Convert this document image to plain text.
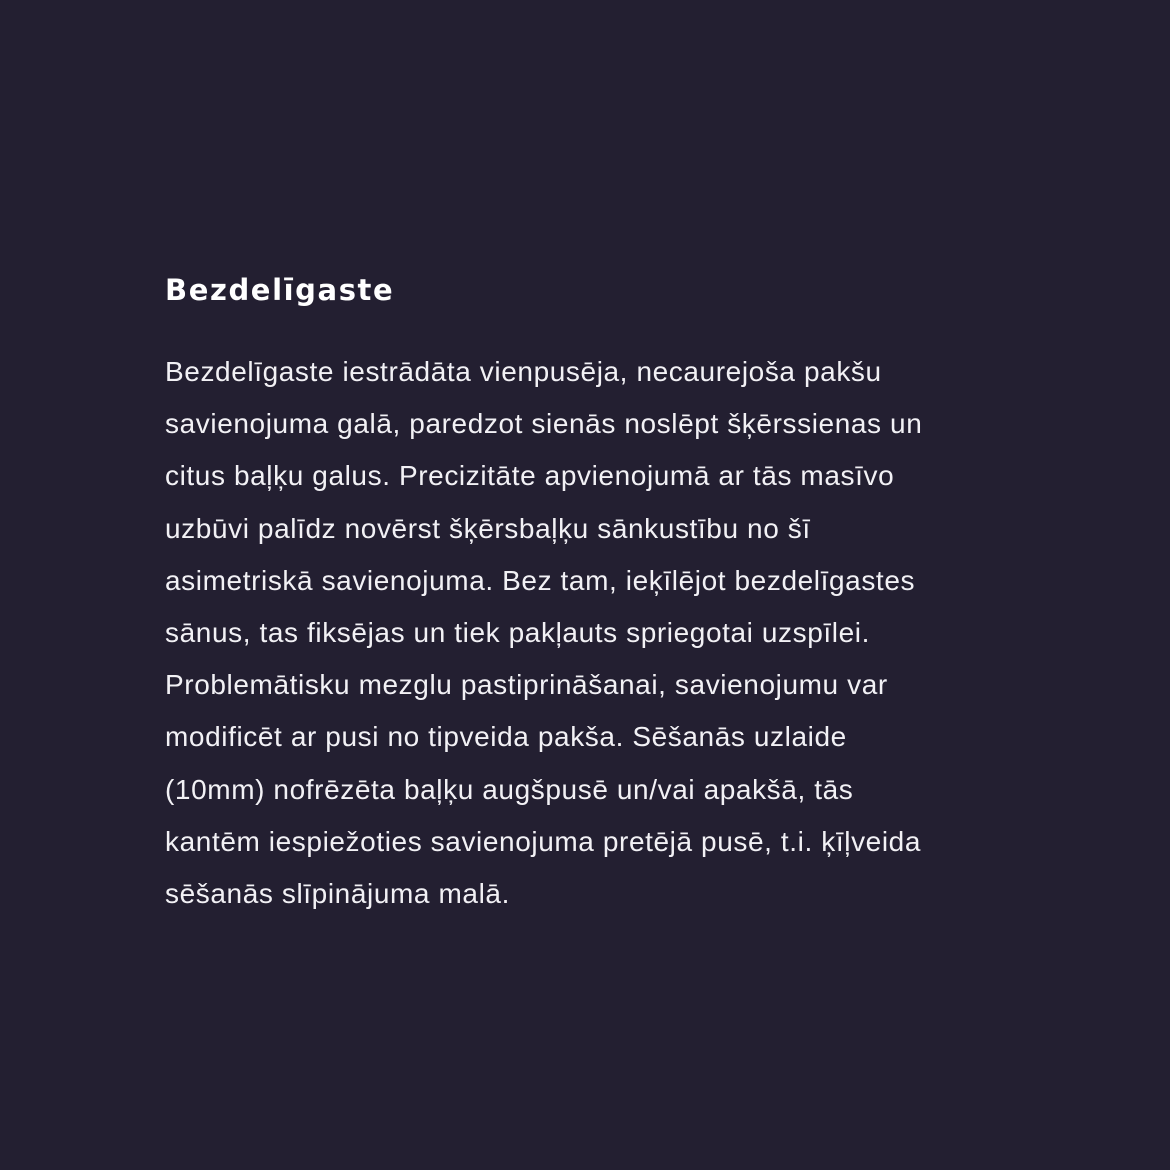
Bezdelīgaste
Bezdelīgaste iestrādāta vienpusēja, necaurejoša pakšu
savienojuma galā, paredzot sienās noslēpt šķērssienas un
citus baļķu galus. Precizitāte apvienojumā ar tās masīvo
uzbūvi palīdz novērst šķērsbaļķu sānkustību no šī
asimetriskā savienojuma. Bez tam, ieķīlējot bezdelīgastes
sānus, tas fiksējas un tiek pakļauts spriegotai uzspīlei.
Problemātisku mezglu pastiprināšanai, savienojumu var
modificēt ar pusi no tipveida pakša. Sēšanās uzlaide
(10mm) nofrēzēta baļķu augšpusē un/vai apakšā, tās
kantēm iespiežoties savienojuma pretējā pusē, t.i. ķīļveida
sēšanās slīpinājuma malā.
